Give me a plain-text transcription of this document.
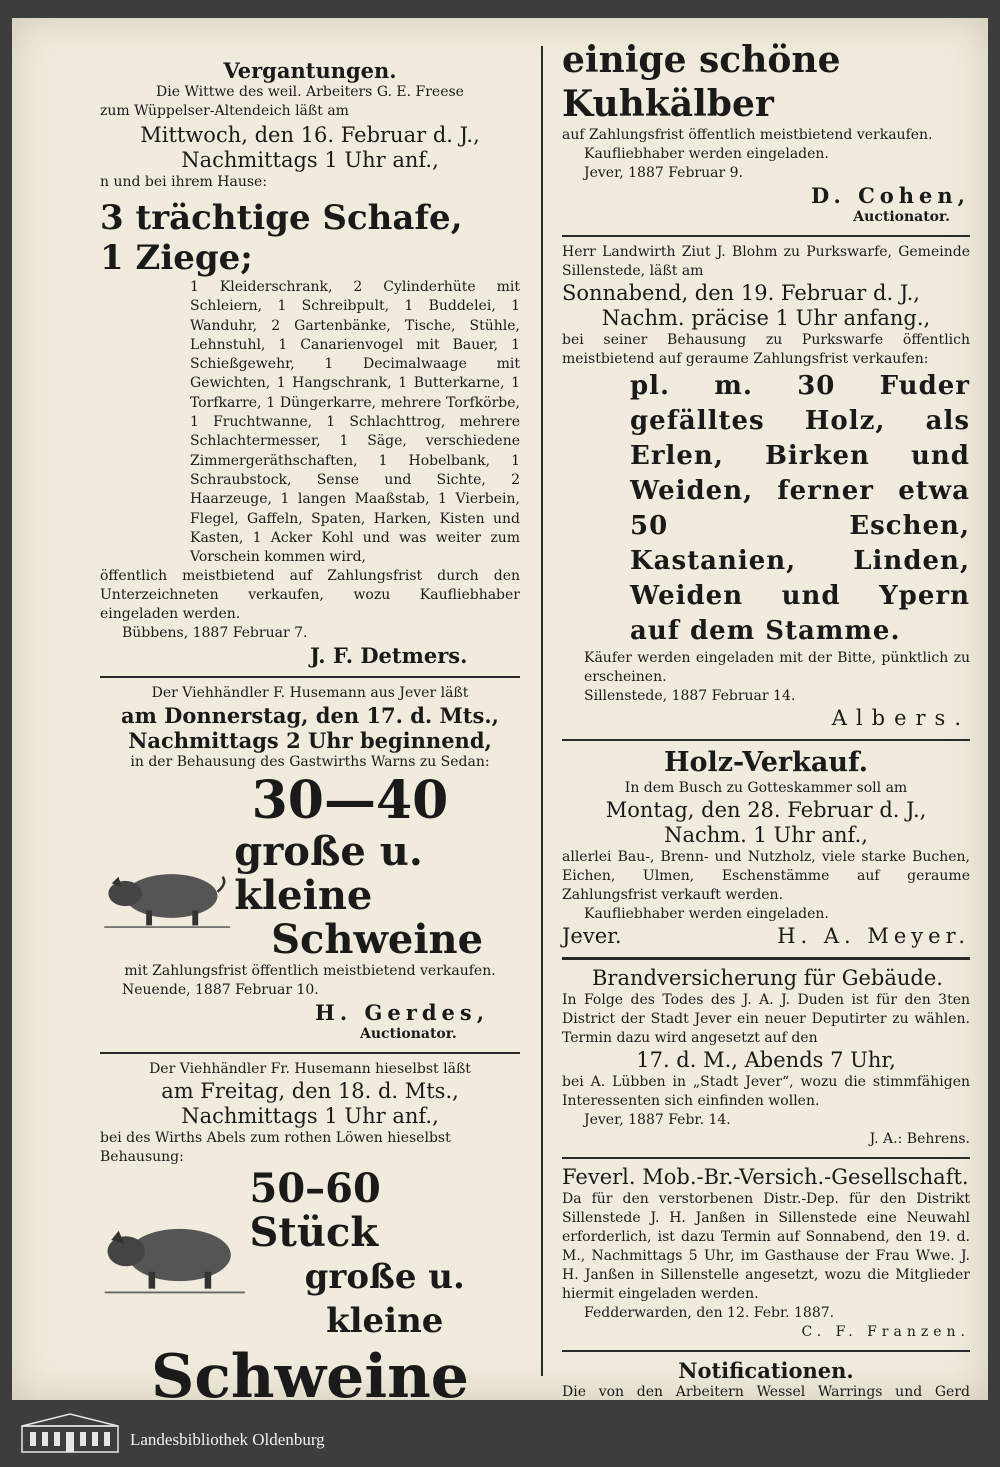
Vergantungen.
Die Wittwe des weil. Arbeiters G. E. Freese
zum Wüppelser-Altendeich läßt am
Mittwoch, den 16. Februar d. J.,
Nachmittags 1 Uhr anf.,
n und bei ihrem Hause:
3 trächtige Schafe,
1 Ziege;
1 Kleiderschrank, 2 Cylinderhüte mit Schleiern, 1 Schreibpult, 1 Buddelei, 1 Wanduhr, 2 Gartenbänke, Tische, Stühle, Lehnstuhl, 1 Canarienvogel mit Bauer, 1 Schießgewehr, 1 Decimalwaage mit Gewichten, 1 Hangschrank, 1 Butterkarne, 1 Torfkarre, 1 Düngerkarre, mehrere Torfkörbe, 1 Fruchtwanne, 1 Schlachttrog, mehrere Schlachtermesser, 1 Säge, verschiedene Zimmergeräthschaften, 1 Hobelbank, 1 Schraubstock, Sense und Sichte, 2 Haarzeuge, 1 langen Maaßstab, 1 Vierbein, Flegel, Gaffeln, Spaten, Harken, Kisten und Kasten, 1 Acker Kohl und was weiter zum Vorschein kommen wird,
öffentlich meistbietend auf Zahlungsfrist durch den Unterzeichneten verkaufen, wozu Kaufliebhaber eingeladen werden.
Bübbens, 1887 Februar 7.
J. F. Detmers.
Der Viehhändler F. Husemann aus Jever läßt
am Donnerstag, den 17. d. Mts.,
Nachmittags 2 Uhr beginnend,
in der Behausung des Gastwirths Warns zu Sedan:
30—40
große u. kleine
Schweine
mit Zahlungsfrist öffentlich meistbietend verkaufen.
Neuende, 1887 Februar 10.
H. Gerdes,
Auctionator.
Der Viehhändler Fr. Husemann hieselbst läßt
am Freitag, den 18. d. Mts.,
Nachmittags 1 Uhr anf.,
bei des Wirths Abels zum rothen Löwen hieselbst Behausung:
50–60 Stück
große u. kleine
Schweine
einige schöne Kuhkälber
auf Zahlungsfrist öffentlich meistbietend verkaufen.
Kaufliebhaber werden eingeladen.
Jever, 1887 Februar 9.
D. Cohen,
Auctionator.
Herr Landwirth Ziut J. Blohm zu Purkswarfe, Gemeinde Sillenstede, läßt am
Sonnabend, den 19. Februar d. J.,
Nachm. präcise 1 Uhr anfang.,
bei seiner Behausung zu Purkswarfe öffentlich meistbietend auf geraume Zahlungsfrist verkaufen:
pl. m. 30 Fuder gefälltes Holz, als Erlen, Birken und Weiden, ferner etwa 50 Eschen, Kastanien, Linden, Weiden und Ypern auf dem Stamme.
Käufer werden eingeladen mit der Bitte, pünktlich zu erscheinen.
Sillenstede, 1887 Februar 14.
Albers.
Holz-Verkauf.
In dem Busch zu Gotteskammer soll am
Montag, den 28. Februar d. J.,
Nachm. 1 Uhr anf.,
allerlei Bau-, Brenn- und Nutzholz, viele starke Buchen, Eichen, Ulmen, Eschenstämme auf geraume Zahlungsfrist verkauft werden.
Kaufliebhaber werden eingeladen.
Jever.	H. A. Meyer.
Brandversicherung für Gebäude.
In Folge des Todes des J. A. J. Duden ist für den 3ten District der Stadt Jever ein neuer Deputirter zu wählen. Termin dazu wird angesetzt auf den
17. d. M., Abends 7 Uhr,
bei A. Lübben in „Stadt Jever“, wozu die stimmfähigen Interessenten sich einfinden wollen.
Jever, 1887 Febr. 14.
J. A.: Behrens.
Feverl. Mob.-Br.-Versich.-Gesellschaft.
Da für den verstorbenen Distr.-Dep. für den Distrikt Sillenstede J. H. Janßen in Sillenstede eine Neuwahl erforderlich, ist dazu Termin auf Sonnabend, den 19. d. M., Nachmittags 5 Uhr, im Gasthause der Frau Wwe. J. H. Janßen in Sillenstelle angesetzt, wozu die Mitglieder hiermit eingeladen werden.
Fedderwarden, den 12. Febr. 1887.
C. F. Franzen.
Notificationen.
Die von den Arbeitern Wessel Warrings und Gerd
Landesbibliothek Oldenburg
